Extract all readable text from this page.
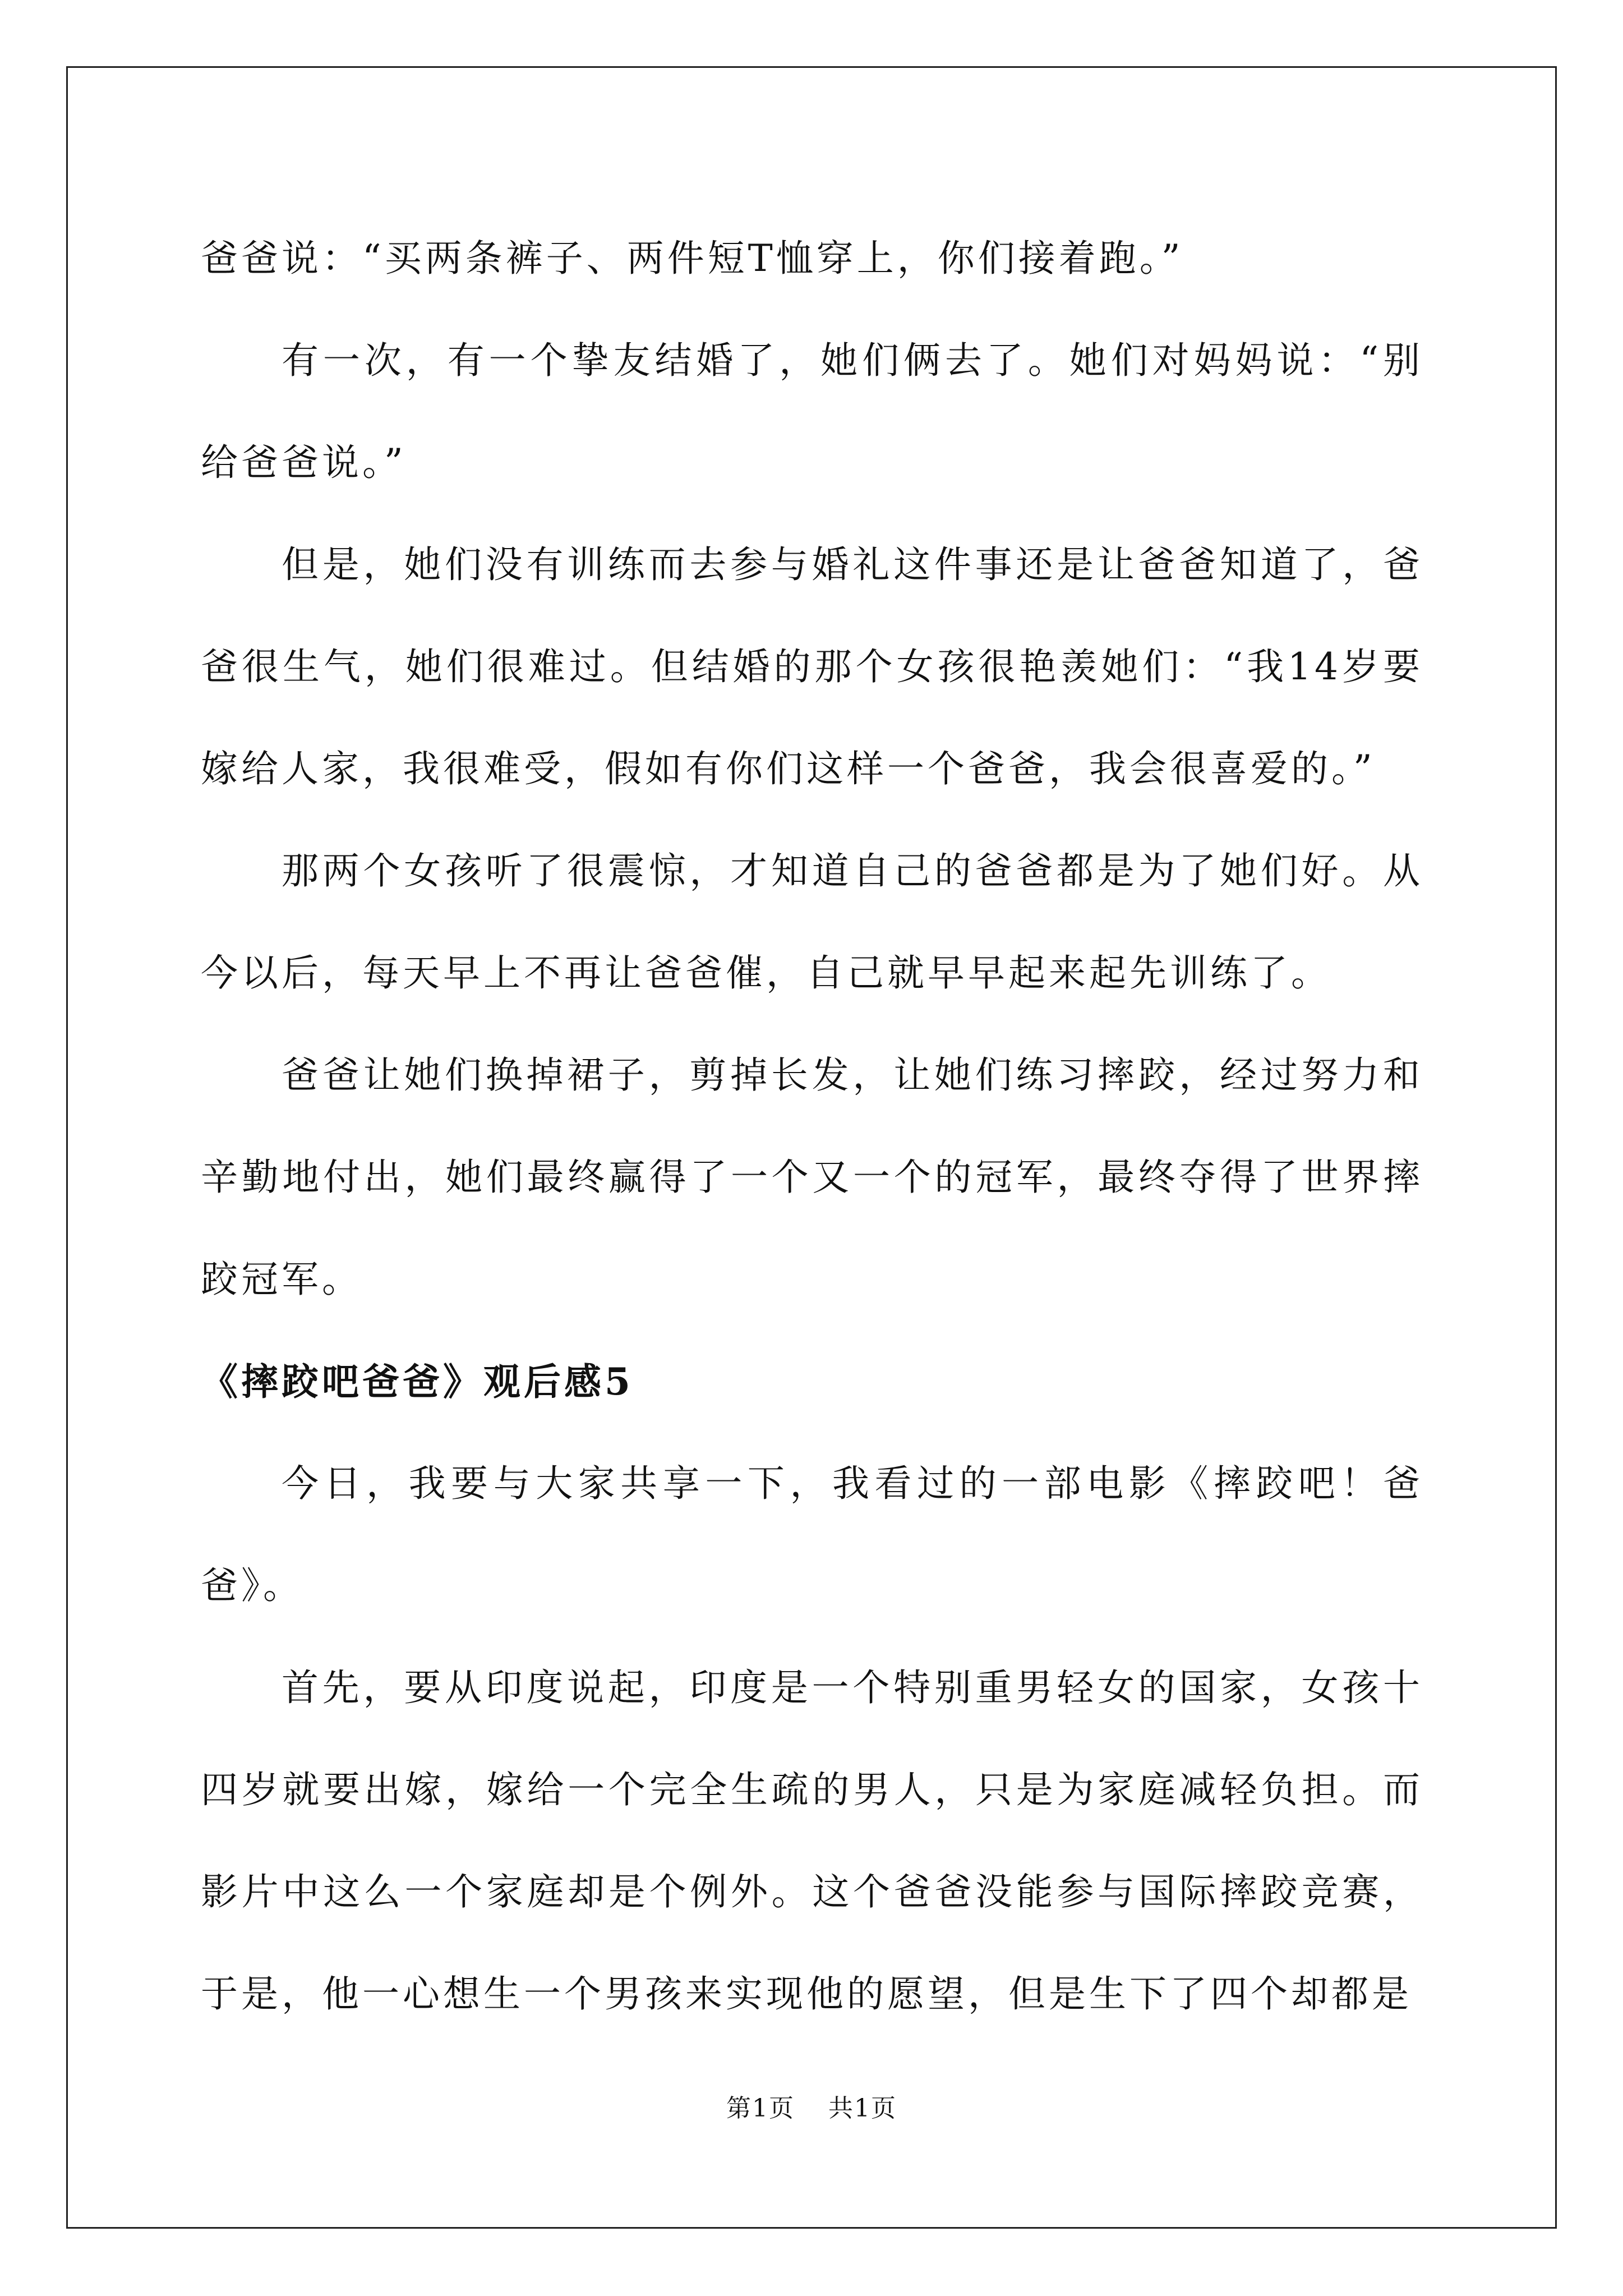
爸爸说：“买两条裤子、两件短T恤穿上，你们接着跑。”

有一次，有一个挚友结婚了，她们俩去了。她们对妈妈说：“别给爸爸说。”

但是，她们没有训练而去参与婚礼这件事还是让爸爸知道了，爸爸很生气，她们很难过。但结婚的那个女孩很艳羡她们：“我14岁要嫁给人家，我很难受，假如有你们这样一个爸爸，我会很喜爱的。”

那两个女孩听了很震惊，才知道自己的爸爸都是为了她们好。从今以后，每天早上不再让爸爸催，自己就早早起来起先训练了。

爸爸让她们换掉裙子，剪掉长发，让她们练习摔跤，经过努力和辛勤地付出，她们最终赢得了一个又一个的冠军，最终夺得了世界摔跤冠军。

《摔跤吧爸爸》观后感5

今日，我要与大家共享一下，我看过的一部电影《摔跤吧！爸爸》。

首先，要从印度说起，印度是一个特别重男轻女的国家，女孩十四岁就要出嫁，嫁给一个完全生疏的男人，只是为家庭减轻负担。而影片中这么一个家庭却是个例外。这个爸爸没能参与国际摔跤竞赛，于是，他一心想生一个男孩来实现他的愿望，但是生下了四个却都是

第1页 共1页
